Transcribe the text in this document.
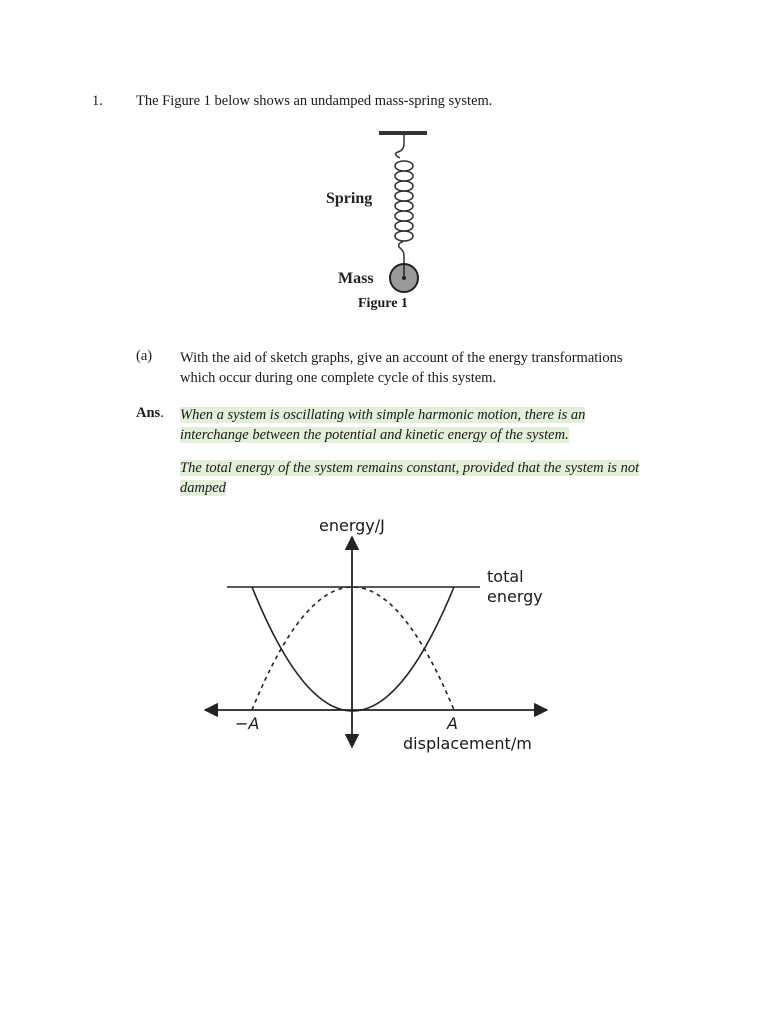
1. The Figure 1 below shows an undamped mass-spring system.
Spring
Mass
Figure 1
(a) With the aid of sketch graphs, give an account of the energy transformations
which occur during one complete cycle of this system.
Ans. When a system is oscillating with simple harmonic motion, there is an
interchange between the potential and kinetic energy of the system.
The total energy of the system remains constant, provided that the system is not
damped
energy/J
total
energy
−A	A
displacement/m
